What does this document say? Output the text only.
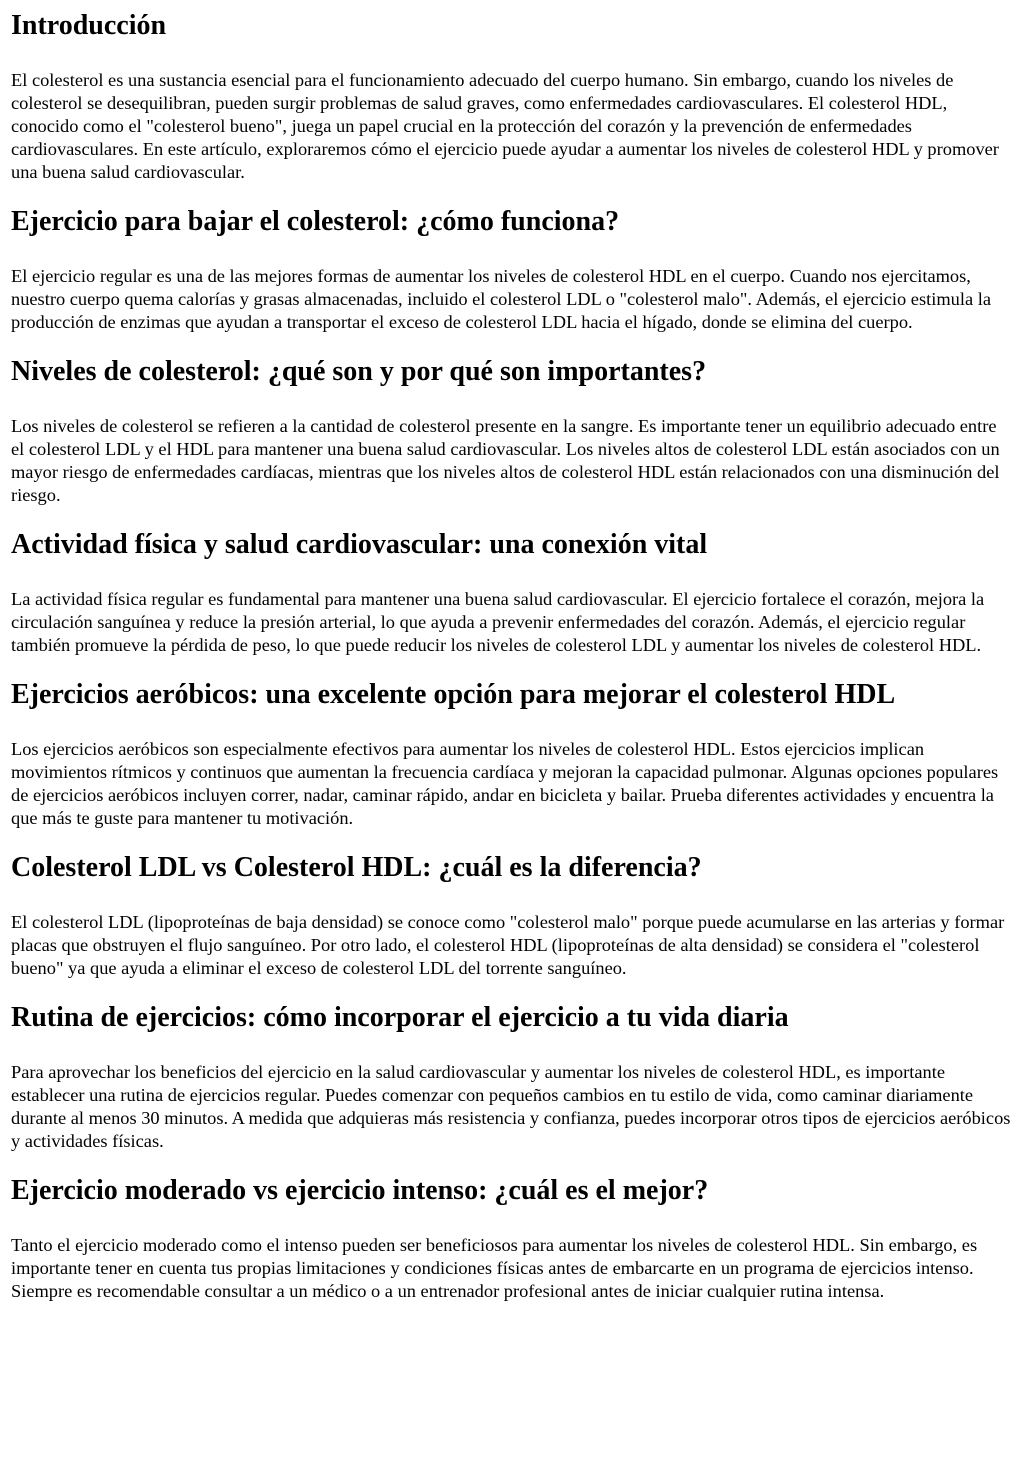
Introducción

El colesterol es una sustancia esencial para el funcionamiento adecuado del cuerpo humano. Sin embargo, cuando los niveles de colesterol se desequilibran, pueden surgir problemas de salud graves, como enfermedades cardiovasculares. El colesterol HDL, conocido como el "colesterol bueno", juega un papel crucial en la protección del corazón y la prevención de enfermedades cardiovasculares. En este artículo, exploraremos cómo el ejercicio puede ayudar a aumentar los niveles de colesterol HDL y promover una buena salud cardiovascular.

Ejercicio para bajar el colesterol: ¿cómo funciona?

El ejercicio regular es una de las mejores formas de aumentar los niveles de colesterol HDL en el cuerpo. Cuando nos ejercitamos, nuestro cuerpo quema calorías y grasas almacenadas, incluido el colesterol LDL o "colesterol malo". Además, el ejercicio estimula la producción de enzimas que ayudan a transportar el exceso de colesterol LDL hacia el hígado, donde se elimina del cuerpo.

Niveles de colesterol: ¿qué son y por qué son importantes?

Los niveles de colesterol se refieren a la cantidad de colesterol presente en la sangre. Es importante tener un equilibrio adecuado entre el colesterol LDL y el HDL para mantener una buena salud cardiovascular. Los niveles altos de colesterol LDL están asociados con un mayor riesgo de enfermedades cardíacas, mientras que los niveles altos de colesterol HDL están relacionados con una disminución del riesgo.

Actividad física y salud cardiovascular: una conexión vital

La actividad física regular es fundamental para mantener una buena salud cardiovascular. El ejercicio fortalece el corazón, mejora la circulación sanguínea y reduce la presión arterial, lo que ayuda a prevenir enfermedades del corazón. Además, el ejercicio regular también promueve la pérdida de peso, lo que puede reducir los niveles de colesterol LDL y aumentar los niveles de colesterol HDL.

Ejercicios aeróbicos: una excelente opción para mejorar el colesterol HDL

Los ejercicios aeróbicos son especialmente efectivos para aumentar los niveles de colesterol HDL. Estos ejercicios implican movimientos rítmicos y continuos que aumentan la frecuencia cardíaca y mejoran la capacidad pulmonar. Algunas opciones populares de ejercicios aeróbicos incluyen correr, nadar, caminar rápido, andar en bicicleta y bailar. Prueba diferentes actividades y encuentra la que más te guste para mantener tu motivación.

Colesterol LDL vs Colesterol HDL: ¿cuál es la diferencia?

El colesterol LDL (lipoproteínas de baja densidad) se conoce como "colesterol malo" porque puede acumularse en las arterias y formar placas que obstruyen el flujo sanguíneo. Por otro lado, el colesterol HDL (lipoproteínas de alta densidad) se considera el "colesterol bueno" ya que ayuda a eliminar el exceso de colesterol LDL del torrente sanguíneo.

Rutina de ejercicios: cómo incorporar el ejercicio a tu vida diaria

Para aprovechar los beneficios del ejercicio en la salud cardiovascular y aumentar los niveles de colesterol HDL, es importante establecer una rutina de ejercicios regular. Puedes comenzar con pequeños cambios en tu estilo de vida, como caminar diariamente durante al menos 30 minutos. A medida que adquieras más resistencia y confianza, puedes incorporar otros tipos de ejercicios aeróbicos y actividades físicas.

Ejercicio moderado vs ejercicio intenso: ¿cuál es el mejor?

Tanto el ejercicio moderado como el intenso pueden ser beneficiosos para aumentar los niveles de colesterol HDL. Sin embargo, es importante tener en cuenta tus propias limitaciones y condiciones físicas antes de embarcarte en un programa de ejercicios intenso. Siempre es recomendable consultar a un médico o a un entrenador profesional antes de iniciar cualquier rutina intensa.
